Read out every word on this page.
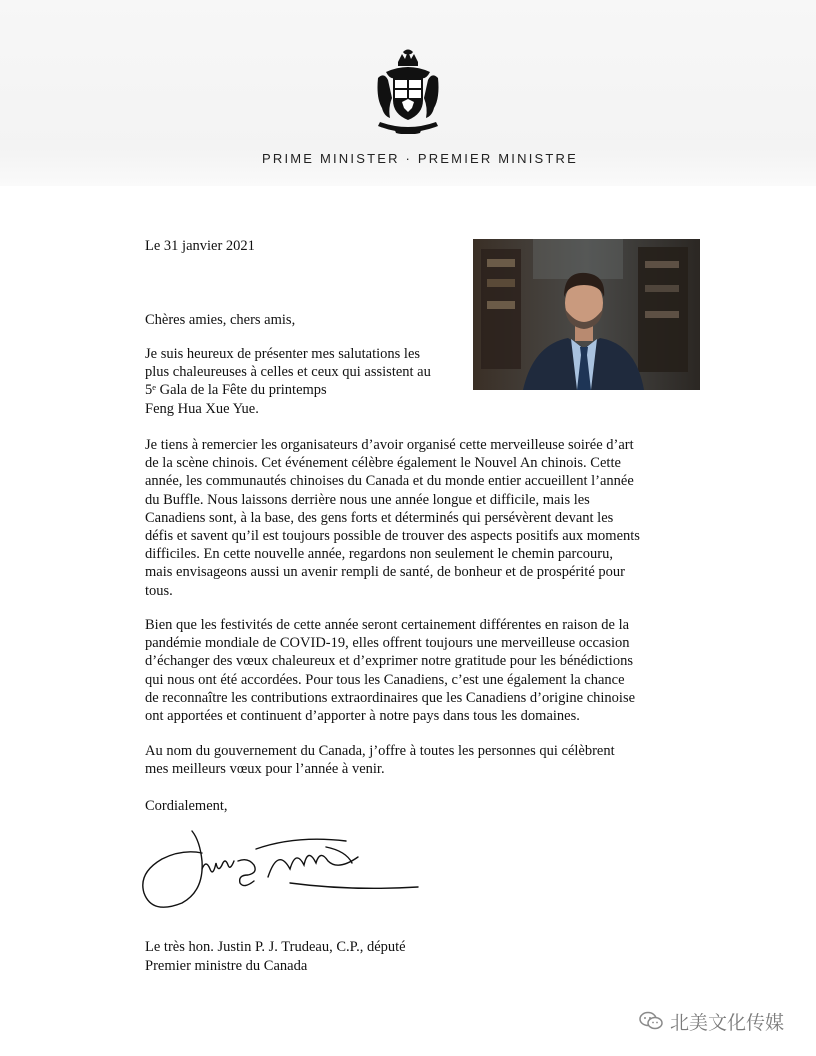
PRIME MINISTER · PREMIER MINISTRE
Le 31 janvier 2021
Chères amies, chers amis,

Je suis heureux de présenter mes salutations les
plus chaleureuses à celles et ceux qui assistent au
5ᵉ Gala de la Fête du printemps
Feng Hua Xue Yue.

Je tiens à remercier les organisateurs d’avoir organisé cette merveilleuse soirée d’art
de la scène chinois. Cet événement célèbre également le Nouvel An chinois. Cette
année, les communautés chinoises du Canada et du monde entier accueillent l’année
du Buffle. Nous laissons derrière nous une année longue et difficile, mais les
Canadiens sont, à la base, des gens forts et déterminés qui persévèrent devant les
défis et savent qu’il est toujours possible de trouver des aspects positifs aux moments
difficiles. En cette nouvelle année, regardons non seulement le chemin parcouru,
mais envisageons aussi un avenir rempli de santé, de bonheur et de prospérité pour
tous.

Bien que les festivités de cette année seront certainement différentes en raison de la
pandémie mondiale de COVID-19, elles offrent toujours une merveilleuse occasion
d’échanger des vœux chaleureux et d’exprimer notre gratitude pour les bénédictions
qui nous ont été accordées. Pour tous les Canadiens, c’est une également la chance
de reconnaître les contributions extraordinaires que les Canadiens d’origine chinoise
ont apportées et continuent d’apporter à notre pays dans tous les domaines.

Au nom du gouvernement du Canada, j’offre à toutes les personnes qui célèbrent
mes meilleurs vœux pour l’année à venir.

Cordialement,
Le très hon. Justin P. J. Trudeau, C.P., député
Premier ministre du Canada
北美文化传媒
